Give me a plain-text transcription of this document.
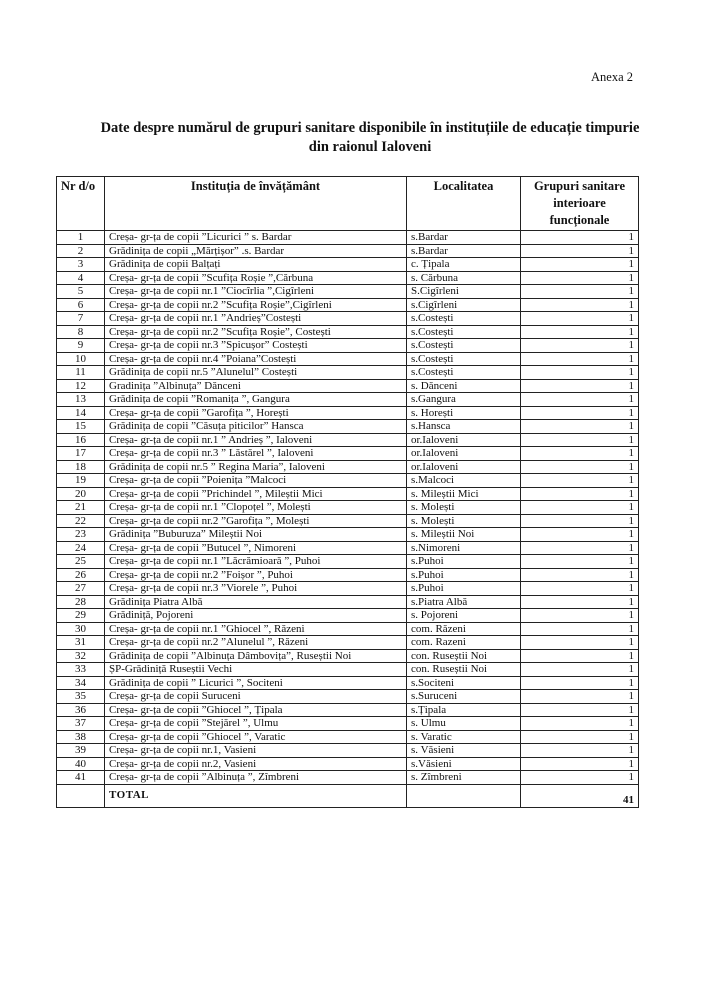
Anexa 2
Date despre numărul de grupuri sanitare disponibile în instituțiile de educație timpurie
din raionul Ialoveni
Nr d/o	Instituția de învățământ	Localitatea	Grupuri sanitare interioare funcționale
1	Creșa- gr-ța de copii ”Licurici ” s. Bardar	s.Bardar	1
2	Grădinița de copii „Mărțișor” .s. Bardar	s.Bardar	1
3	Grădinița de copii Balțați	c. Țipala	1
4	Creșa- gr-ța de copii ”Scufița Roșie ”,Cărbuna	s. Cărbuna	1
5	Creșa- gr-ța de copii nr.1 ”Ciocîrlia ”,Cigîrleni	S.Cigîrleni	1
6	Creșa- gr-ța de copii nr.2 ”Scufița Roșie”,Cigîrleni	s.Cigîrleni	1
7	Creșa- gr-ța de copii nr.1 ”Andrieș”Costești	s.Costești	1
8	Creșa- gr-ța de copii nr.2 ”Scufița Roșie”, Costești	s.Costești	1
9	Creșa- gr-ța de copii nr.3 ”Spicușor” Costești	s.Costești	1
10	Creșa- gr-ța de copii nr.4 ”Poiana”Costești	s.Costești	1
11	Grădinița de copii nr.5 ”Alunelul” Costești	s.Costești	1
12	Gradinița ”Albinuța” Dănceni	s. Dănceni	1
13	Grădinița de copii ”Romanița ”, Gangura	s.Gangura	1
14	Creșa- gr-ța de copii ”Garofița ”, Horești	s. Horești	1
15	Grădinița de copii ”Căsuța piticilor” Hansca	s.Hansca	1
16	Creșa- gr-ța de copii nr.1 ” Andrieș ”, Ialoveni	or.Ialoveni	1
17	Creșa- gr-ța de copii nr.3 ” Lăstărel ”, Ialoveni	or.Ialoveni	1
18	Grădinița de copii nr.5 ” Regina Maria”, Ialoveni	or.Ialoveni	1
19	Creșa- gr-ța de copii ”Poienița ”Malcoci	s.Malcoci	1
20	Creșa- gr-ța de copii ”Prichindel ”, Mileștii Mici	s. Mileștii Mici	1
21	Creșa- gr-ța de copii nr.1 ”Clopoțel ”, Molești	s. Molești	1
22	Creșa- gr-ța de copii nr.2 ”Garofița ”, Molești	s. Molești	1
23	Grădinița ”Buburuza” Mileștii Noi	s. Mileștii Noi	1
24	Creșa- gr-ța de copii ”Butucel ”, Nimoreni	s.Nimoreni	1
25	Creșa- gr-ța de copii nr.1 ”Lăcrămioară ”, Puhoi	s.Puhoi	1
26	Creșa- gr-ța de copii nr.2 ”Foișor ”, Puhoi	s.Puhoi	1
27	Creșa- gr-ța de copii nr.3 ”Viorele ”, Puhoi	s.Puhoi	1
28	Grădinița Piatra Albă	s.Piatra Albă	1
29	Grădiniță, Pojoreni	s. Pojoreni	1
30	Creșa- gr-ța de copii nr.1 ”Ghiocel ”, Răzeni	com. Răzeni	1
31	Creșa- gr-ța de copii nr.2 ”Alunelul ”, Răzeni	com. Razeni	1
32	Grădinița de copii ”Albinuța Dâmbovița”, Ruseștii Noi	con. Ruseștii Noi	1
33	ȘP-Grădiniță Ruseștii Vechi	con. Ruseștii Noi	1
34	Grădinița de copii ” Licurici ”, Sociteni	s.Sociteni	1
35	Creșa- gr-ța de copii Suruceni	s.Suruceni	1
36	Creșa- gr-ța de copii ”Ghiocel ”, Țipala	s.Țipala	1
37	Creșa- gr-ța de copii ”Stejărel ”, Ulmu	s. Ulmu	1
38	Creșa- gr-ța de copii ”Ghiocel ”, Varatic	s. Varatic	1
39	Creșa- gr-ța de copii nr.1, Vasieni	s. Văsieni	1
40	Creșa- gr-ța de copii nr.2, Vasieni	s.Văsieni	1
41	Creșa- gr-ța de copii ”Albinuța ”, Zîmbreni	s. Zîmbreni	1
	TOTAL		41
